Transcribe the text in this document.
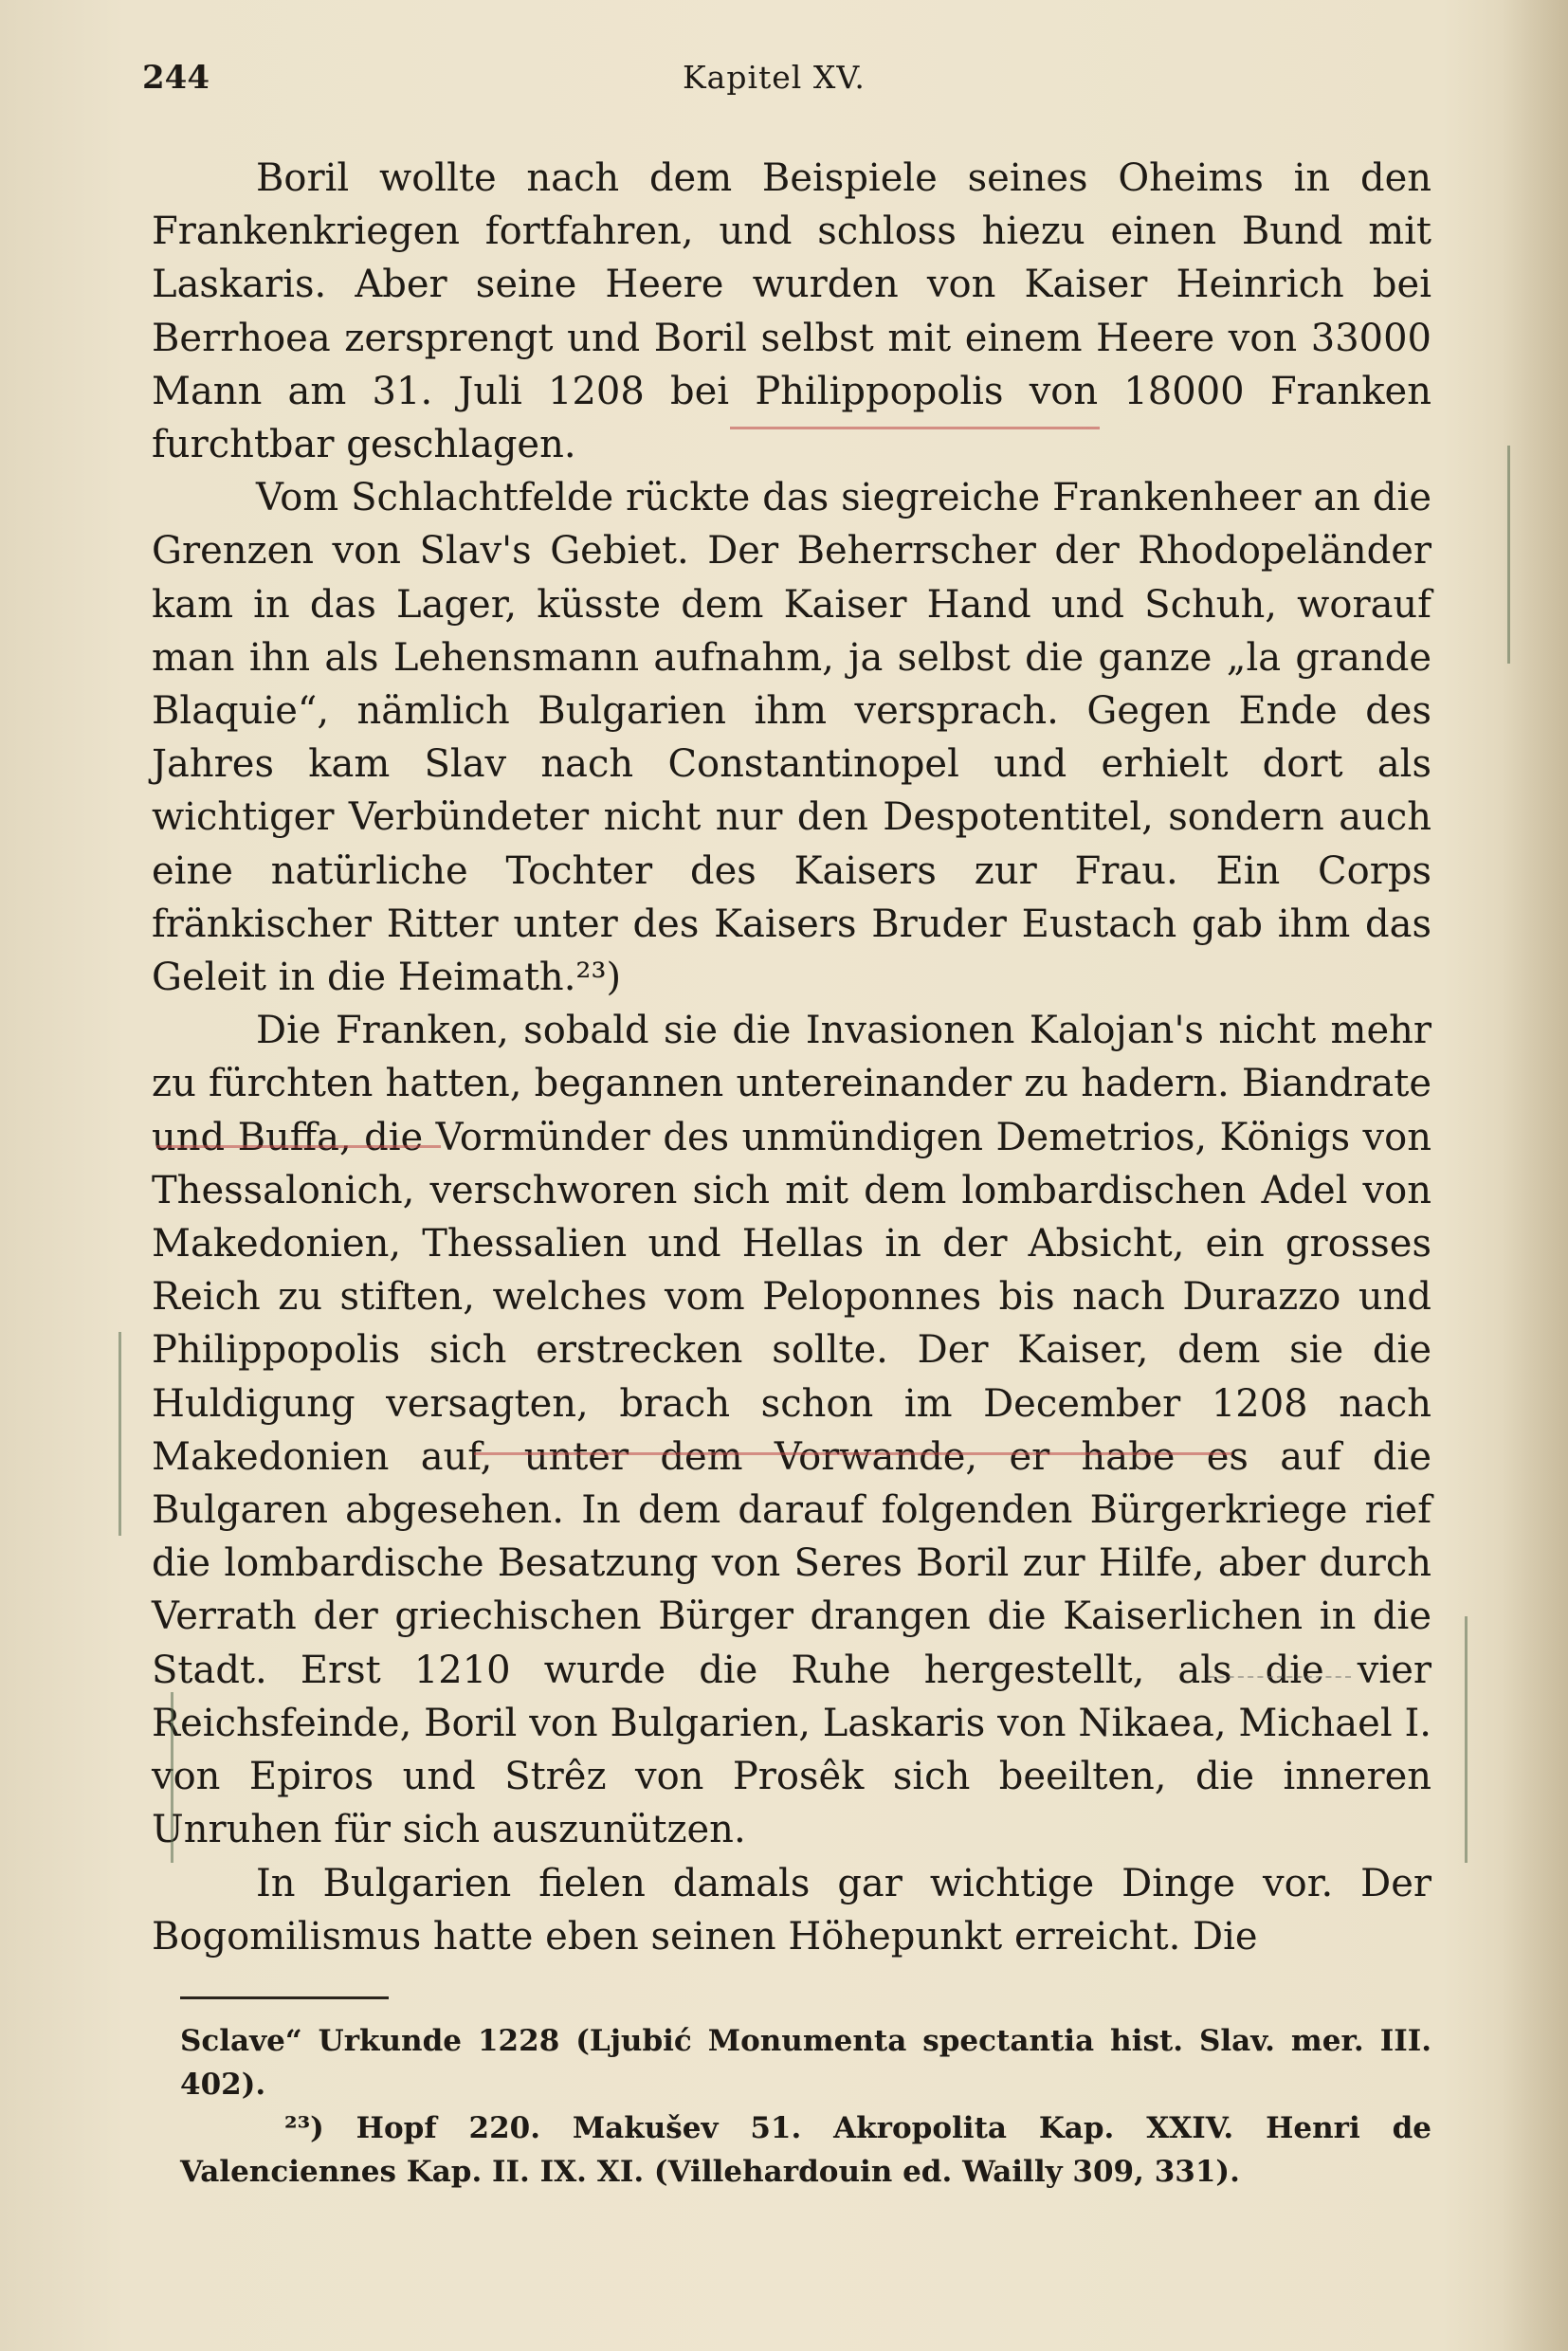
244	Kapitel XV.

Boril wollte nach dem Beispiele seines Oheims in den Frankenkriegen fortfahren, und schloss hiezu einen Bund mit Laskaris. Aber seine Heere wurden von Kaiser Heinrich bei Berrhoea zersprengt und Boril selbst mit einem Heere von 33000 Mann am 31. Juli 1208 bei Philippopolis von 18000 Franken furchtbar geschlagen.

Vom Schlachtfelde rückte das siegreiche Frankenheer an die Grenzen von Slav's Gebiet. Der Beherrscher der Rhodopeländer kam in das Lager, küsste dem Kaiser Hand und Schuh, worauf man ihn als Lehensmann aufnahm, ja selbst die ganze „la grande Blaquie“, nämlich Bulgarien ihm versprach. Gegen Ende des Jahres kam Slav nach Constantinopel und erhielt dort als wichtiger Verbündeter nicht nur den Despotentitel, sondern auch eine natürliche Tochter des Kaisers zur Frau. Ein Corps fränkischer Ritter unter des Kaisers Bruder Eustach gab ihm das Geleit in die Heimath.²³)

Die Franken, sobald sie die Invasionen Kalojan's nicht mehr zu fürchten hatten, begannen untereinander zu hadern. Biandrate und Buffa, die Vormünder des unmündigen Demetrios, Königs von Thessalonich, verschworen sich mit dem lombardischen Adel von Makedonien, Thessalien und Hellas in der Absicht, ein grosses Reich zu stiften, welches vom Peloponnes bis nach Durazzo und Philippopolis sich erstrecken sollte. Der Kaiser, dem sie die Huldigung versagten, brach schon im December 1208 nach Makedonien auf, unter dem Vorwande, er habe es auf die Bulgaren abgesehen. In dem darauf folgenden Bürgerkriege rief die lombardische Besatzung von Seres Boril zur Hilfe, aber durch Verrath der griechischen Bürger drangen die Kaiserlichen in die Stadt. Erst 1210 wurde die Ruhe hergestellt, als die vier Reichsfeinde, Boril von Bulgarien, Laskaris von Nikaea, Michael I. von Epiros und Strêz von Prosêk sich beeilten, die inneren Unruhen für sich auszunützen.

In Bulgarien fielen damals gar wichtige Dinge vor. Der Bogomilismus hatte eben seinen Höhepunkt erreicht. Die

Sclave“ Urkunde 1228 (Ljubić Monumenta spectantia hist. Slav. mer. III. 402).

²³) Hopf 220. Makušev 51. Akropolita Kap. XXIV. Henri de Valenciennes Kap. II. IX. XI. (Villehardouin ed. Wailly 309, 331).
